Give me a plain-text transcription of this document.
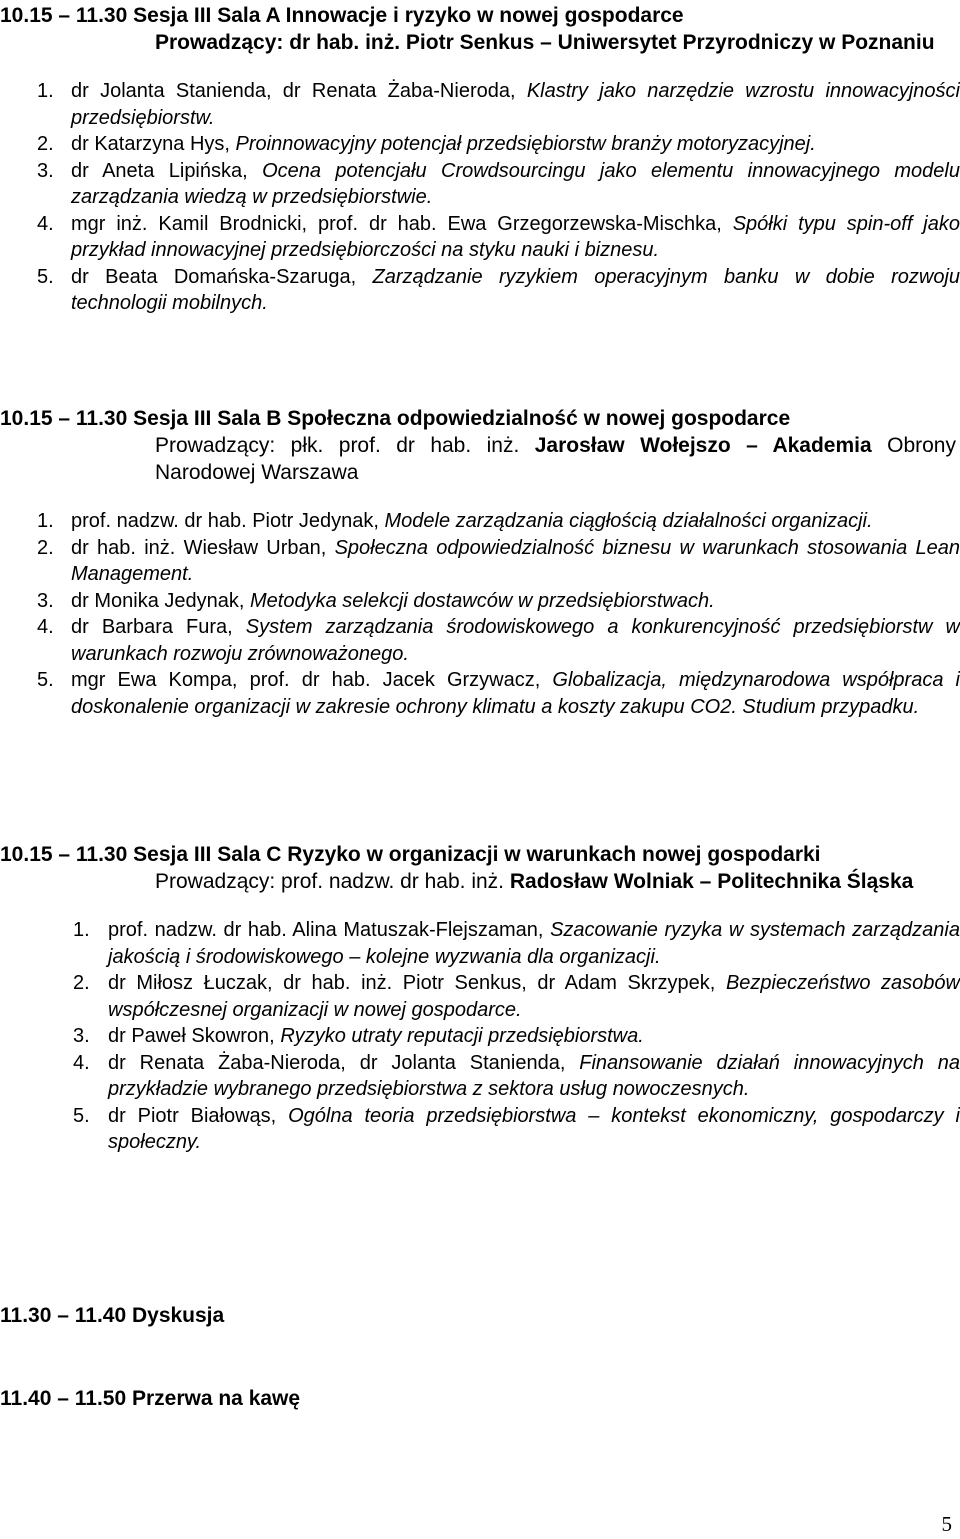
10.15 – 11.30 Sesja III Sala A Innowacje i ryzyko w nowej gospodarce
Prowadzący: dr hab. inż. Piotr Senkus – Uniwersytet Przyrodniczy w Poznaniu
1. dr Jolanta Stanienda, dr Renata Żaba-Nieroda, Klastry jako narzędzie wzrostu innowacyjności przedsiębiorstw.
2. dr Katarzyna Hys, Proinnowacyjny potencjał przedsiębiorstw branży motoryzacyjnej.
3. dr Aneta Lipińska, Ocena potencjału Crowdsourcingu jako elementu innowacyjnego modelu zarządzania wiedzą w przedsiębiorstwie.
4. mgr inż. Kamil Brodnicki, prof. dr hab. Ewa Grzegorzewska-Mischka, Spółki typu spin-off jako przykład innowacyjnej przedsiębiorczości na styku nauki i biznesu.
5. dr Beata Domańska-Szaruga, Zarządzanie ryzykiem operacyjnym banku w dobie rozwoju technologii mobilnych.
10.15 – 11.30 Sesja III Sala B Społeczna odpowiedzialność w nowej gospodarce
Prowadzący: płk. prof. dr hab. inż. Jarosław Wołejszo – Akademia Obrony Narodowej Warszawa
1. prof. nadzw. dr hab. Piotr Jedynak, Modele zarządzania ciągłością działalności organizacji.
2. dr hab. inż. Wiesław Urban, Społeczna odpowiedzialność biznesu w warunkach stosowania Lean Management.
3. dr Monika Jedynak, Metodyka selekcji dostawców w przedsiębiorstwach.
4. dr Barbara Fura, System zarządzania środowiskowego a konkurencyjność przedsiębiorstw w warunkach rozwoju zrównoważonego.
5. mgr Ewa Kompa, prof. dr hab. Jacek Grzywacz, Globalizacja, międzynarodowa współpraca i doskonalenie organizacji w zakresie ochrony klimatu a koszty zakupu CO2. Studium przypadku.
10.15 – 11.30 Sesja III Sala C Ryzyko w organizacji w warunkach nowej gospodarki
Prowadzący: prof. nadzw. dr hab. inż. Radosław Wolniak – Politechnika Śląska
1. prof. nadzw. dr hab. Alina Matuszak-Flejszaman, Szacowanie ryzyka w systemach zarządzania jakością i środowiskowego – kolejne wyzwania dla organizacji.
2. dr Miłosz Łuczak, dr hab. inż. Piotr Senkus, dr Adam Skrzypek, Bezpieczeństwo zasobów współczesnej organizacji w nowej gospodarce.
3. dr Paweł Skowron, Ryzyko utraty reputacji przedsiębiorstwa.
4. dr Renata Żaba-Nieroda, dr Jolanta Stanienda, Finansowanie działań innowacyjnych na przykładzie wybranego przedsiębiorstwa z sektora usług nowoczesnych.
5. dr Piotr Białowąs, Ogólna teoria przedsiębiorstwa – kontekst ekonomiczny, gospodarczy i społeczny.
11.30 – 11.40 Dyskusja
11.40 – 11.50 Przerwa na kawę
5
